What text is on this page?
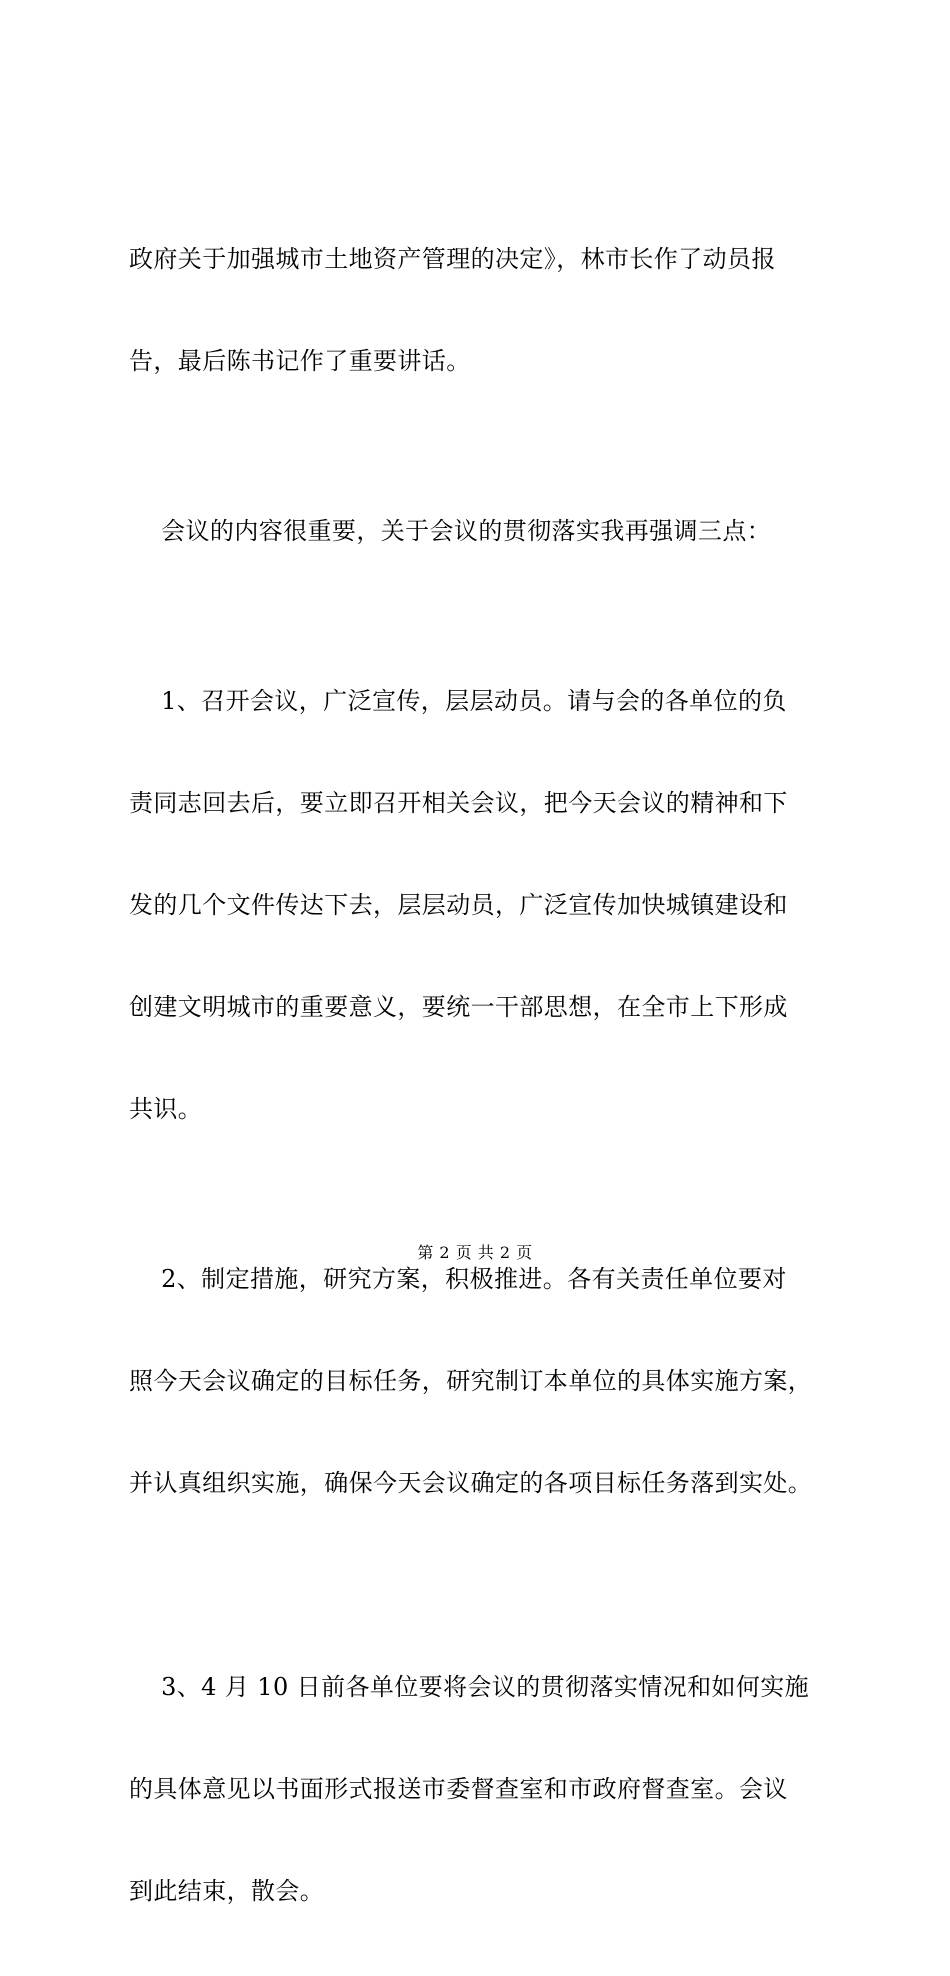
政府关于加强城市土地资产管理的决定》，林市长作了动员报

告，最后陈书记作了重要讲话。

会议的内容很重要，关于会议的贯彻落实我再强调三点：

1、召开会议，广泛宣传，层层动员。请与会的各单位的负

责同志回去后，要立即召开相关会议，把今天会议的精神和下

发的几个文件传达下去，层层动员，广泛宣传加快城镇建设和

创建文明城市的重要意义，要统一干部思想，在全市上下形成

共识。

2、制定措施，研究方案，积极推进。各有关责任单位要对

照今天会议确定的目标任务，研究制订本单位的具体实施方案，

并认真组织实施，确保今天会议确定的各项目标任务落到实处。

3、4 月 10 日前各单位要将会议的贯彻落实情况和如何实施

的具体意见以书面形式报送市委督查室和市政府督查室。会议

到此结束，散会。

第 2 页 共 2 页
